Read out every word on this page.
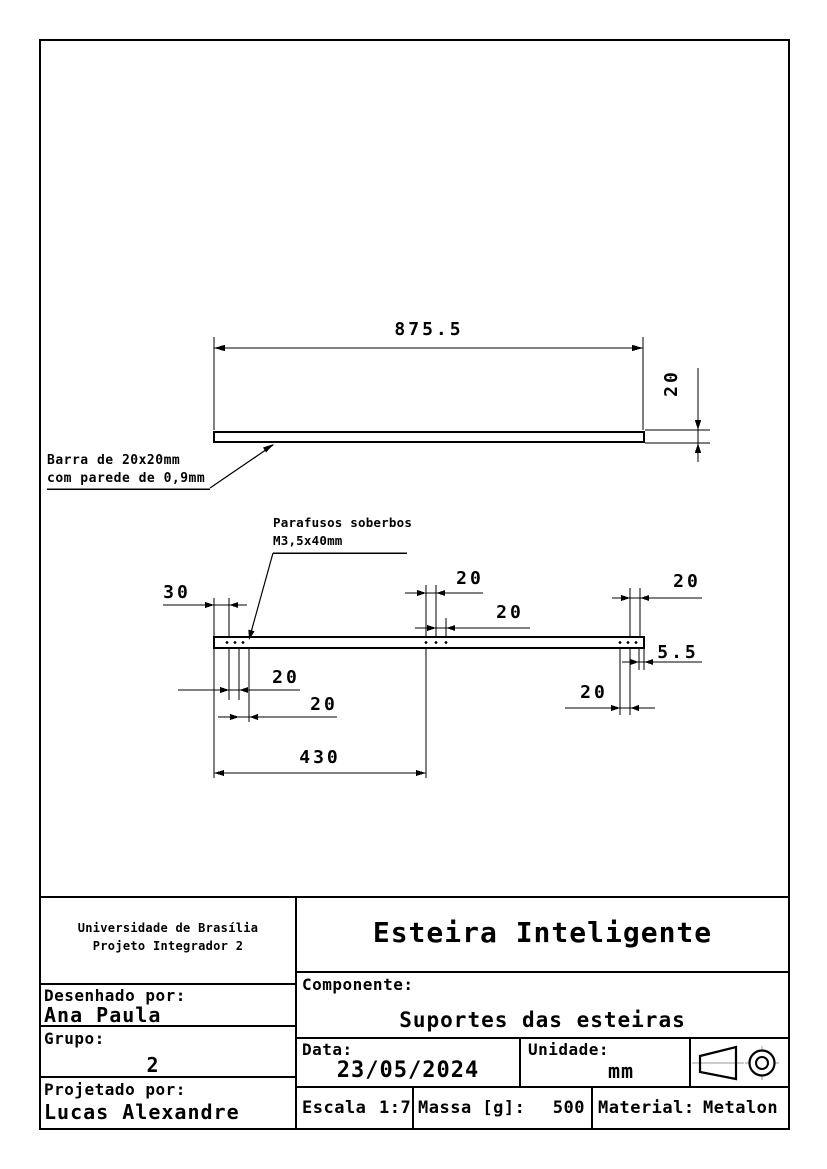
875.5
20
30
20
20
430
20
20
20
5.5
20
Barra de 20x20mm
com parede de 0,9mm
Parafusos soberbos
M3,5x40mm
Universidade de Brasília
Projeto Integrador 2
Desenhado por:
Ana Paula
Grupo:
2
Projetado por:
Lucas Alexandre
Esteira Inteligente
Componente:
Suportes das esteiras
Data:
23/05/2024
Unidade:
mm
Escala 1:7 Massa [g]:	500 Material: Metalon
